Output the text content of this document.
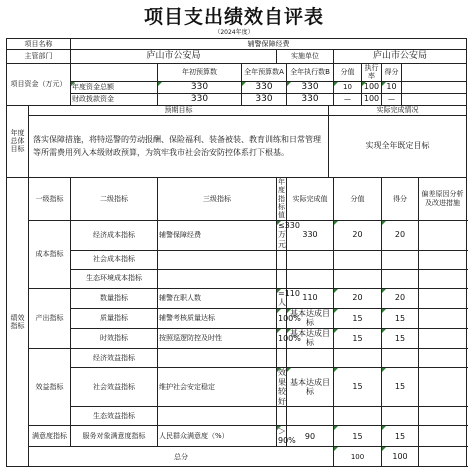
项目支出绩效自评表
（2024年度）
项目名称		辅警保障经费										
主管部门		庐山市公安局			实施单位			庐山市公安局				
项目资金（万元）			年初预算数	全年预算数A		全年执行数B		分值	执行率	得分		
		年度资金总额	330	330		330		10	100	10		
		财政拨款资金	330	330		330		—	100	—		
年度总体目标	预期目标						实际完成情况					
	落实保障措施，将特巡警的劳动报酬、保险福利、装备被装、教育训练和日常管理等所需费用列入本级财政预算，为筑牢我市社会治安防控体系打下根基。						实现全年既定目标					
绩效指标	一级指标	二级指标	三级指标		年度指标值	实际完成值		分值		得分		偏差原因分析及改进措施
	成本指标	经济成本指标	辅警保障经费		≤330万元	330		20		20		
		社会成本指标										
		生态环境成本指标										
	产出指标	数量指标	辅警在职人数		=110人	110		20		20		
		质量指标	辅警考核质量达标		100%	基本达成目标		15		15		
		时效指标	按照巡逻防控及时性		100%	基本达成目标		15		15		
	效益指标	经济效益指标										
		社会效益指标	维护社会安定稳定		效果较好	基本达成目标		15		15		
		生态效益指标										
	满意度指标	服务对象满意度指标	人民群众满意度（%）		＞90%	90		15		15		
	总分							100		100		
